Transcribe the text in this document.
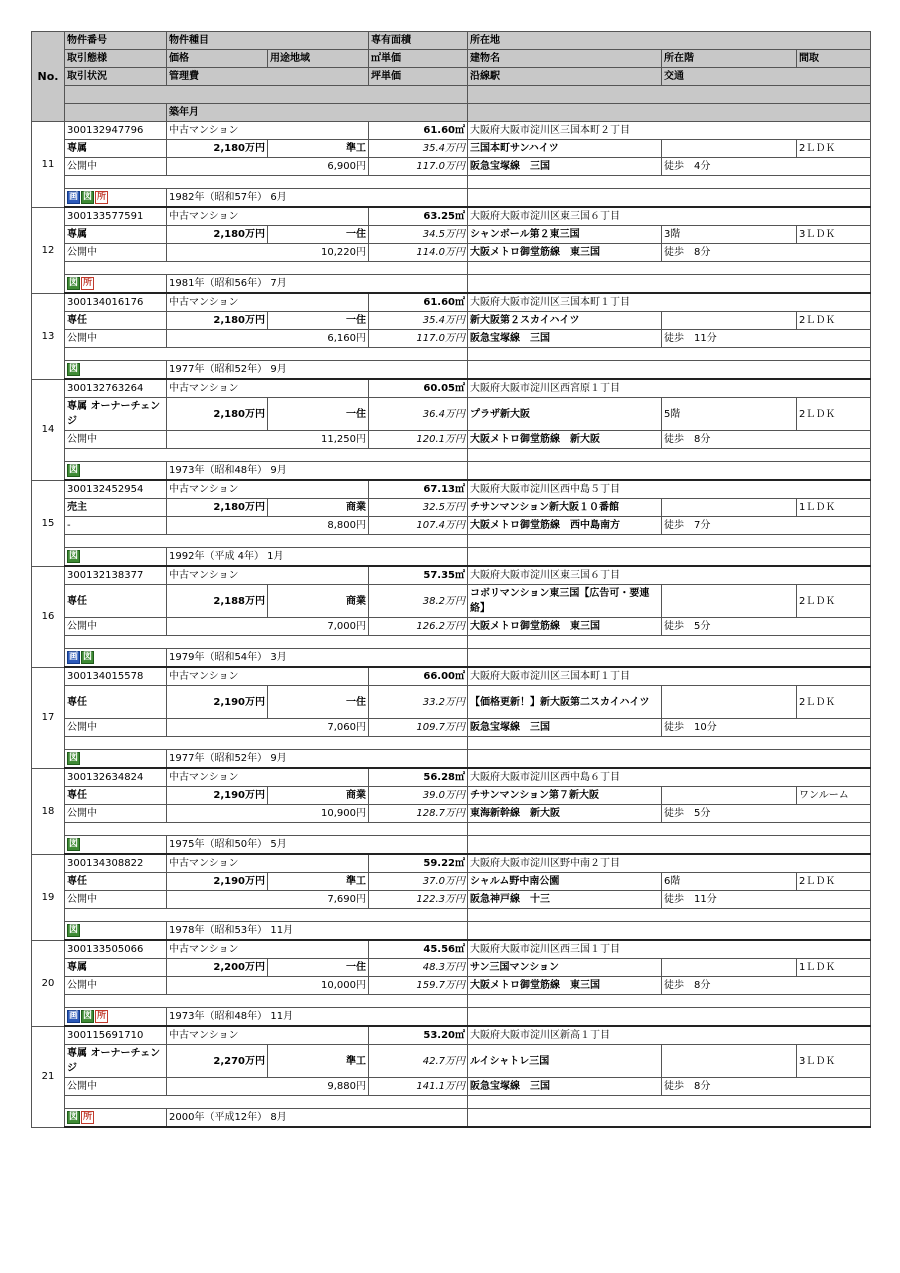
No.	物件番号	物件種目		専有面積	所在地		
	取引態様	価格	用途地域	㎡単価	建物名	所在階	間取
	取引状況	管理費		坪単価	沿線駅	交通	

		築年月					
11	300132947796	中古マンション		61.60㎡	大阪府大阪市淀川区三国本町２丁目		
	専属	2,180万円	準工	35.4万円	三国本町サンハイツ		2ＬＤＫ
	公開中	6,900円		117.0万円	阪急宝塚線　三国	徒歩　4分	

	画 図 所	1982年（昭和57年） 6月					
12	300133577591	中古マンション		63.25㎡	大阪府大阪市淀川区東三国６丁目		
	専属	2,180万円	一住	34.5万円	シャンボール第２東三国	3階	3ＬＤＫ
	公開中	10,220円		114.0万円	大阪メトロ御堂筋線　東三国	徒歩　8分	

	図 所	1981年（昭和56年） 7月					
13	300134016176	中古マンション		61.60㎡	大阪府大阪市淀川区三国本町１丁目		
	専任	2,180万円	一住	35.4万円	新大阪第２スカイハイツ		2ＬＤＫ
	公開中	6,160円		117.0万円	阪急宝塚線　三国	徒歩　11分	

	図	1977年（昭和52年） 9月					
14	300132763264	中古マンション		60.05㎡	大阪府大阪市淀川区西宮原１丁目		
	専属 オーナーチェンジ	2,180万円	一住	36.4万円	プラザ新大阪	5階	2ＬＤＫ
	公開中	11,250円		120.1万円	大阪メトロ御堂筋線　新大阪	徒歩　8分	

	図	1973年（昭和48年） 9月					
15	300132452954	中古マンション		67.13㎡	大阪府大阪市淀川区西中島５丁目		
	売主	2,180万円	商業	32.5万円	チサンマンション新大阪１０番館		1ＬＤＫ
	-	8,800円		107.4万円	大阪メトロ御堂筋線　西中島南方	徒歩　7分	

	図	1992年（平成 4年） 1月					
16	300132138377	中古マンション		57.35㎡	大阪府大阪市淀川区東三国６丁目		
	専任	2,188万円	商業	38.2万円	コボリマンション東三国【広告可・要連絡】		2ＬＤＫ
	公開中	7,000円		126.2万円	大阪メトロ御堂筋線　東三国	徒歩　5分	

	画 図	1979年（昭和54年） 3月					
17	300134015578	中古マンション		66.00㎡	大阪府大阪市淀川区三国本町１丁目		
	専任	2,190万円	一住	33.2万円	【価格更新！】新大阪第二スカイハイツ		2ＬＤＫ
	公開中	7,060円		109.7万円	阪急宝塚線　三国	徒歩　10分	

	図	1977年（昭和52年） 9月					
18	300132634824	中古マンション		56.28㎡	大阪府大阪市淀川区西中島６丁目		
	専任	2,190万円	商業	39.0万円	チサンマンション第７新大阪		ワンルーム
	公開中	10,900円		128.7万円	東海新幹線　新大阪	徒歩　5分	

	図	1975年（昭和50年） 5月					
19	300134308822	中古マンション		59.22㎡	大阪府大阪市淀川区野中南２丁目		
	専任	2,190万円	準工	37.0万円	シャルム野中南公園	6階	2ＬＤＫ
	公開中	7,690円		122.3万円	阪急神戸線　十三	徒歩　11分	

	図	1978年（昭和53年） 11月					
20	300133505066	中古マンション		45.56㎡	大阪府大阪市淀川区西三国１丁目		
	専属	2,200万円	一住	48.3万円	サン三国マンション		1ＬＤＫ
	公開中	10,000円		159.7万円	大阪メトロ御堂筋線　東三国	徒歩　8分	

	画 図 所	1973年（昭和48年） 11月					
21	300115691710	中古マンション		53.20㎡	大阪府大阪市淀川区新高１丁目		
	専属 オーナーチェンジ	2,270万円	準工	42.7万円	ルイシャトレ三国		3ＬＤＫ
	公開中	9,880円		141.1万円	阪急宝塚線　三国	徒歩　8分	

	図 所	2000年（平成12年） 8月					
